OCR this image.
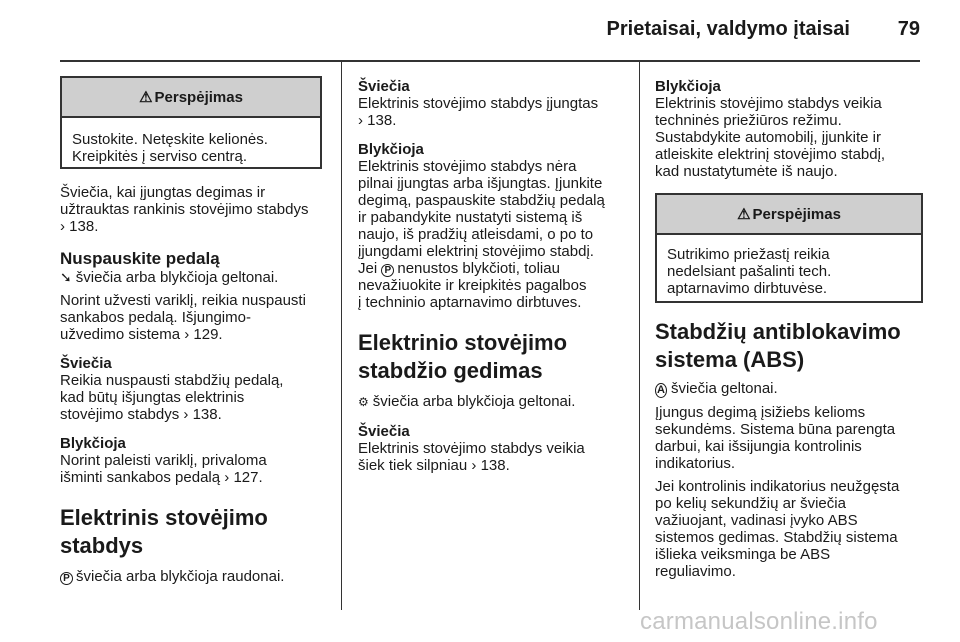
Prietaisai, valdymo įtaisai	79
⚠ Perspėjimas

Sustokite. Netęskite kelionės.

Kreipkitės į serviso centrą.

Šviečia, kai įjungtas degimas ir

užtrauktas rankinis stovėjimo stabdys

› 138.

Nuspauskite pedalą

➘ šviečia arba blykčioja geltonai.

Norint užvesti variklį, reikia nuspausti

sankabos pedalą. Išjungimo-

užvedimo sistema › 129.

Šviečia

Reikia nuspausti stabdžių pedalą,

kad būtų išjungtas elektrinis

stovėjimo stabdys › 138.

Blykčioja

Norint paleisti variklį, privaloma

išminti sankabos pedalą › 127.

Elektrinis stovėjimo
stabdys

P šviečia arba blykčioja raudonai.

Šviečia

Elektrinis stovėjimo stabdys įjungtas

› 138.

Blykčioja

Elektrinis stovėjimo stabdys nėra

pilnai įjungtas arba išjungtas. Įjunkite

degimą, paspauskite stabdžių pedalą

ir pabandykite nustatyti sistemą iš

naujo, iš pradžių atleisdami, o po to

įjungdami elektrinį stovėjimo stabdį.

Jei P nenustos blykčioti, toliau

nevažiuokite ir kreipkitės pagalbos

į techninio aptarnavimo dirbtuves.

Elektrinio stovėjimo
stabdžio gedimas

⚙ šviečia arba blykčioja geltonai.

Šviečia

Elektrinis stovėjimo stabdys veikia

šiek tiek silpniau › 138.

Blykčioja

Elektrinis stovėjimo stabdys veikia

techninės priežiūros režimu.

Sustabdykite automobilį, įjunkite ir

atleiskite elektrinį stovėjimo stabdį,

kad nustatytumėte iš naujo.

⚠ Perspėjimas

Sutrikimo priežastį reikia

nedelsiant pašalinti tech.

aptarnavimo dirbtuvėse.

Stabdžių antiblokavimo
sistema (ABS)

A šviečia geltonai.

Įjungus degimą įsižiebs kelioms

sekundėms. Sistema būna parengta

darbui, kai išsijungia kontrolinis

indikatorius.

Jei kontrolinis indikatorius neužgęsta

po kelių sekundžių ar šviečia

važiuojant, vadinasi įvyko ABS

sistemos gedimas. Stabdžių sistema

išlieka veiksminga be ABS

reguliavimo.

carmanualsonline.info
